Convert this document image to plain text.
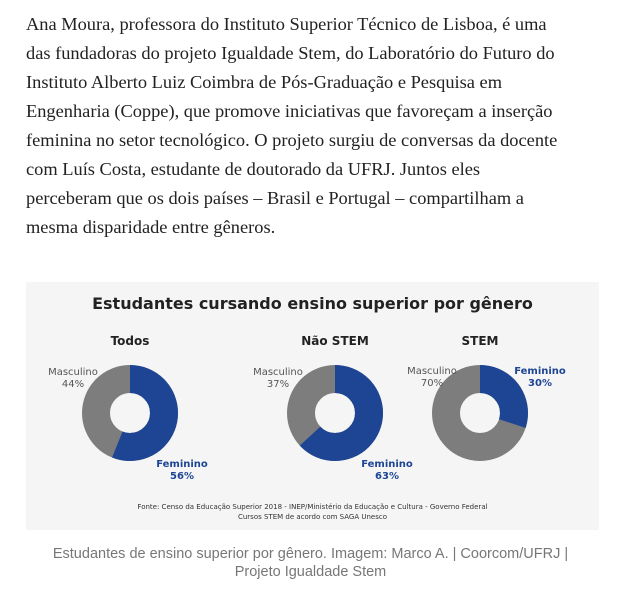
Ana Moura, professora do Instituto Superior Técnico de Lisboa, é uma
das fundadoras do projeto Igualdade Stem, do Laboratório do Futuro do
Instituto Alberto Luiz Coimbra de Pós-Graduação e Pesquisa em
Engenharia (Coppe), que promove iniciativas que favoreçam a inserção
feminina no setor tecnológico. O projeto surgiu de conversas da docente
com Luís Costa, estudante de doutorado da UFRJ. Juntos eles
perceberam que os dois países – Brasil e Portugal – compartilham a
mesma disparidade entre gêneros.
Estudantes cursando ensino superior por gênero
Todos
Masculino
44%
Feminino
56%
Não STEM
Masculino
37%
Feminino
63%
STEM
Masculino
70%
Feminino
30%
Fonte: Censo da Educação Superior 2018 - INEP/Ministério da Educação e Cultura - Governo Federal
Cursos STEM de acordo com SAGA Unesco
Estudantes de ensino superior por gênero. Imagem: Marco A. | Coorcom/UFRJ |
Projeto Igualdade Stem
